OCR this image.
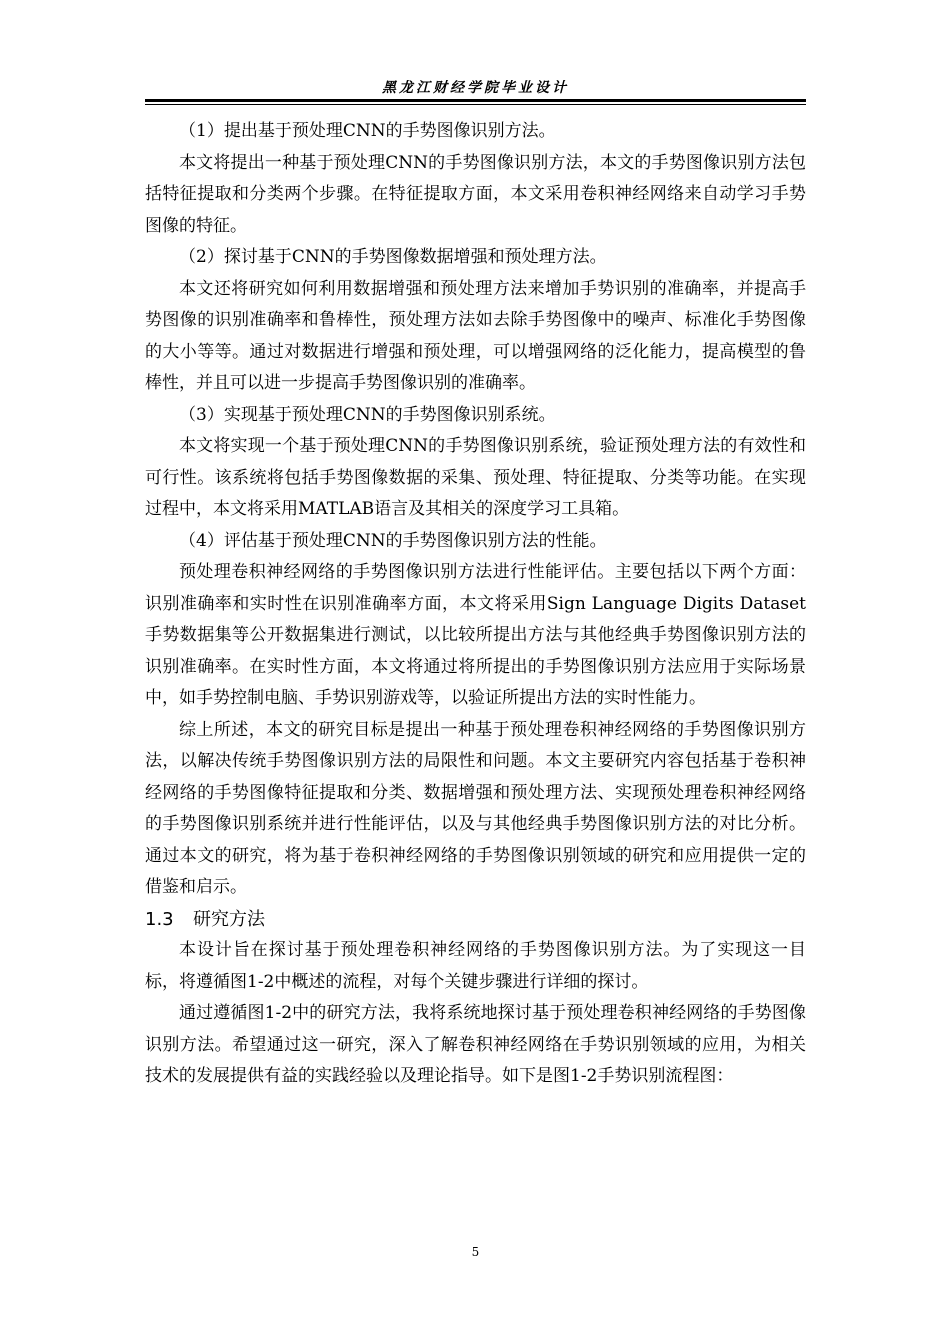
黑龙江财经学院毕业设计

（1）提出基于预处理CNN的手势图像识别方法。

本文将提出一种基于预处理CNN的手势图像识别方法，本文的手势图像识别方法包括特征提取和分类两个步骤。在特征提取方面，本文采用卷积神经网络来自动学习手势图像的特征。

（2）探讨基于CNN的手势图像数据增强和预处理方法。

本文还将研究如何利用数据增强和预处理方法来增加手势识别的准确率，并提高手势图像的识别准确率和鲁棒性，预处理方法如去除手势图像中的噪声、标准化手势图像的大小等等。通过对数据进行增强和预处理，可以增强网络的泛化能力，提高模型的鲁棒性，并且可以进一步提高手势图像识别的准确率。

（3）实现基于预处理CNN的手势图像识别系统。

本文将实现一个基于预处理CNN的手势图像识别系统，验证预处理方法的有效性和可行性。该系统将包括手势图像数据的采集、预处理、特征提取、分类等功能。在实现过程中，本文将采用MATLAB语言及其相关的深度学习工具箱。

（4）评估基于预处理CNN的手势图像识别方法的性能。

预处理卷积神经网络的手势图像识别方法进行性能评估。主要包括以下两个方面：识别准确率和实时性在识别准确率方面，本文将采用Sign Language Digits Dataset手势数据集等公开数据集进行测试，以比较所提出方法与其他经典手势图像识别方法的识别准确率。在实时性方面，本文将通过将所提出的手势图像识别方法应用于实际场景中，如手势控制电脑、手势识别游戏等，以验证所提出方法的实时性能力。

综上所述，本文的研究目标是提出一种基于预处理卷积神经网络的手势图像识别方法，以解决传统手势图像识别方法的局限性和问题。本文主要研究内容包括基于卷积神经网络的手势图像特征提取和分类、数据增强和预处理方法、实现预处理卷积神经网络的手势图像识别系统并进行性能评估，以及与其他经典手势图像识别方法的对比分析。通过本文的研究，将为基于卷积神经网络的手势图像识别领域的研究和应用提供一定的借鉴和启示。

1.3 研究方法

本设计旨在探讨基于预处理卷积神经网络的手势图像识别方法。为了实现这一目标，将遵循图1-2中概述的流程，对每个关键步骤进行详细的探讨。

通过遵循图1-2中的研究方法，我将系统地探讨基于预处理卷积神经网络的手势图像识别方法。希望通过这一研究，深入了解卷积神经网络在手势识别领域的应用，为相关技术的发展提供有益的实践经验以及理论指导。如下是图1-2手势识别流程图：

5
